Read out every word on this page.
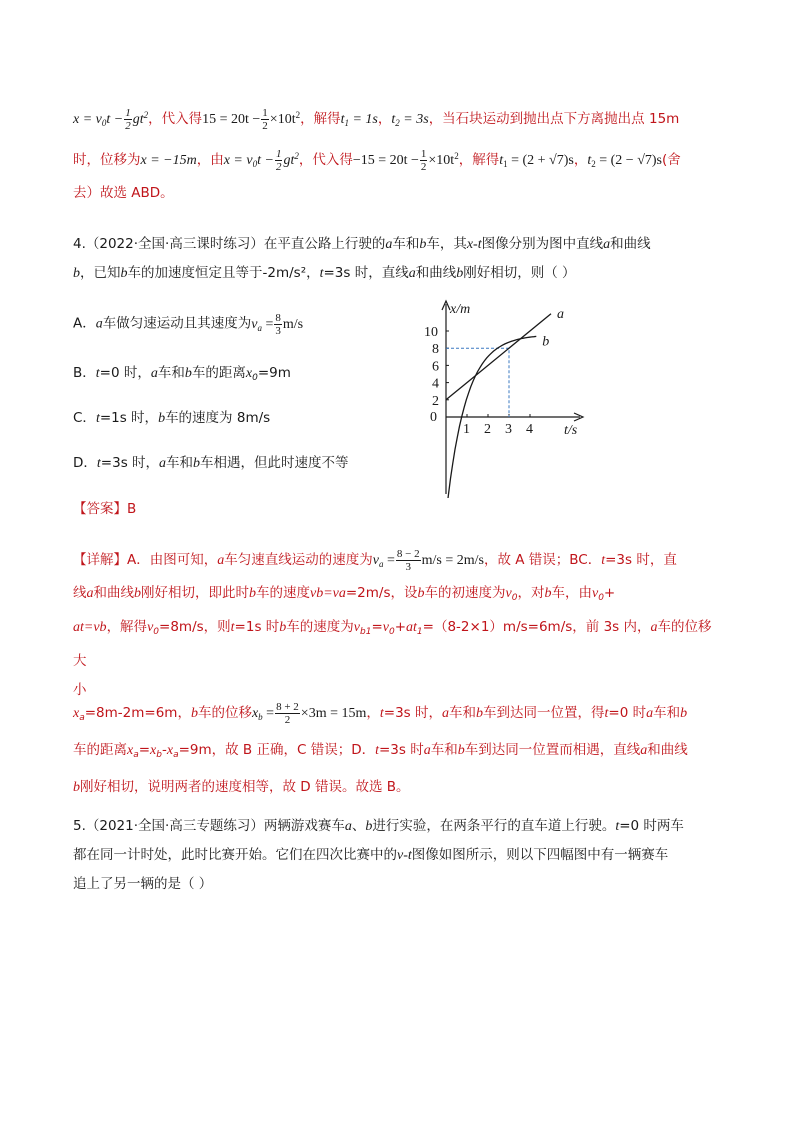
$x = v_0t - \frac{1}{2} gt^2$，代入得$15 = 20t - \frac{1}{2} \times 10t^2$，解得$t_1 = 1s$，$t_2 = 3s$，当石块运动到抛出点下方离抛出点 15m
时，位移为x = −15m，由$x = v_0t - \frac{1}{2} gt^2$，代入得$-15 = 20t - \frac{1}{2} \times 10t^2$，解得$t_1 = (2 + √7)s$，$t_2 = (2 - √7)s$(舍
去）故选 ABD。
4.（2022·全国·高三课时练习）在平直公路上行驶的a车和b车，其x-t图像分别为图中直线a和曲线
b，已知b车的加速度恒定且等于-2m/s²，t=3s 时，直线a和曲线b刚好相切，则（ ）
A．a车做匀速运动且其速度为$v_a = \frac{8}{3} m/s$
B．t=0 时，a车和b车的距离$x_0=9m$
C．t=1s 时，b车的速度为 8m/s
D．t=3s 时，a车和b车相遇，但此时速度不等
【答案】B
x/m
t/s
0
2
4
6
8
10
1 2 3 4
a
b
【详解】A．由图可知，a车匀速直线运动的速度为$v_a = \frac{8 - 2}{3} m/s = 2m/s$，故 A 错误；BC．t=3s 时，直
线a和曲线b刚好相切，即此时b车的速度vb=va=2m/s，设b车的初速度为$v_0$，对b车，由$v_0+$
at=vb，解得$v_0=8m/s$，则t=1s 时b车的速度为$v_{b1}=v_0+at_1=(8-2\times 1)m/s=6m/s$，前 3s 内，a车的位移大
小
$x_a=8m-2m=6m$，b车的位移$x_b = \frac{8 + 2}{2} \times 3m = 15m$，t=3s 时，a车和b车到达同一位置，得t=0 时a车和b
车的距离$x_a=x_b-x_a=9m$，故 B 正确，C 错误；D．t=3s 时a车和b车到达同一位置而相遇，直线a和曲线
b刚好相切，说明两者的速度相等，故 D 错误。故选 B。
5.（2021·全国·高三专题练习）两辆游戏赛车a、b进行实验，在两条平行的直车道上行驶。t=0 时两车
都在同一计时处，此时比赛开始。它们在四次比赛中的v-t图像如图所示，则以下四幅图中有一辆赛车
追上了另一辆的是（ ）
